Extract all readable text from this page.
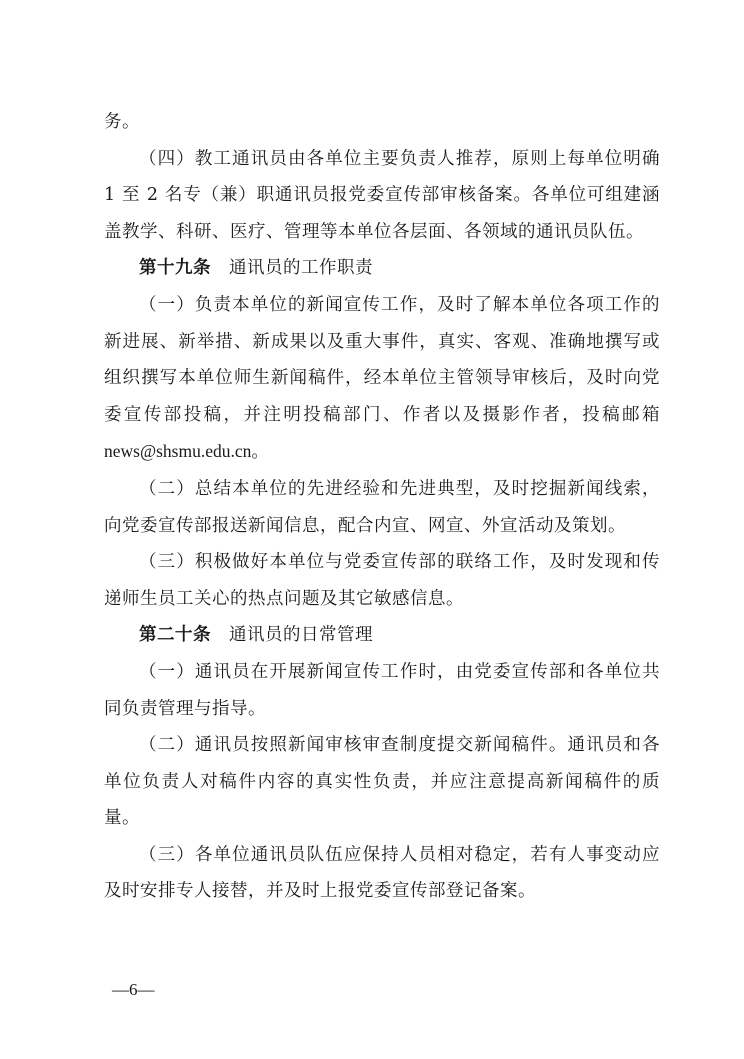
务。

（四）教工通讯员由各单位主要负责人推荐，原则上每单位明确 1 至 2 名专（兼）职通讯员报党委宣传部审核备案。各单位可组建涵盖教学、科研、医疗、管理等本单位各层面、各领域的通讯员队伍。

第十九条 通讯员的工作职责

（一）负责本单位的新闻宣传工作，及时了解本单位各项工作的新进展、新举措、新成果以及重大事件，真实、客观、准确地撰写或组织撰写本单位师生新闻稿件，经本单位主管领导审核后，及时向党委宣传部投稿，并注明投稿部门、作者以及摄影作者，投稿邮箱 news@shsmu.edu.cn。

（二）总结本单位的先进经验和先进典型，及时挖掘新闻线索，向党委宣传部报送新闻信息，配合内宣、网宣、外宣活动及策划。

（三）积极做好本单位与党委宣传部的联络工作，及时发现和传递师生员工关心的热点问题及其它敏感信息。

第二十条 通讯员的日常管理

（一）通讯员在开展新闻宣传工作时，由党委宣传部和各单位共同负责管理与指导。

（二）通讯员按照新闻审核审查制度提交新闻稿件。通讯员和各单位负责人对稿件内容的真实性负责，并应注意提高新闻稿件的质量。

（三）各单位通讯员队伍应保持人员相对稳定，若有人事变动应及时安排专人接替，并及时上报党委宣传部登记备案。

—6—
